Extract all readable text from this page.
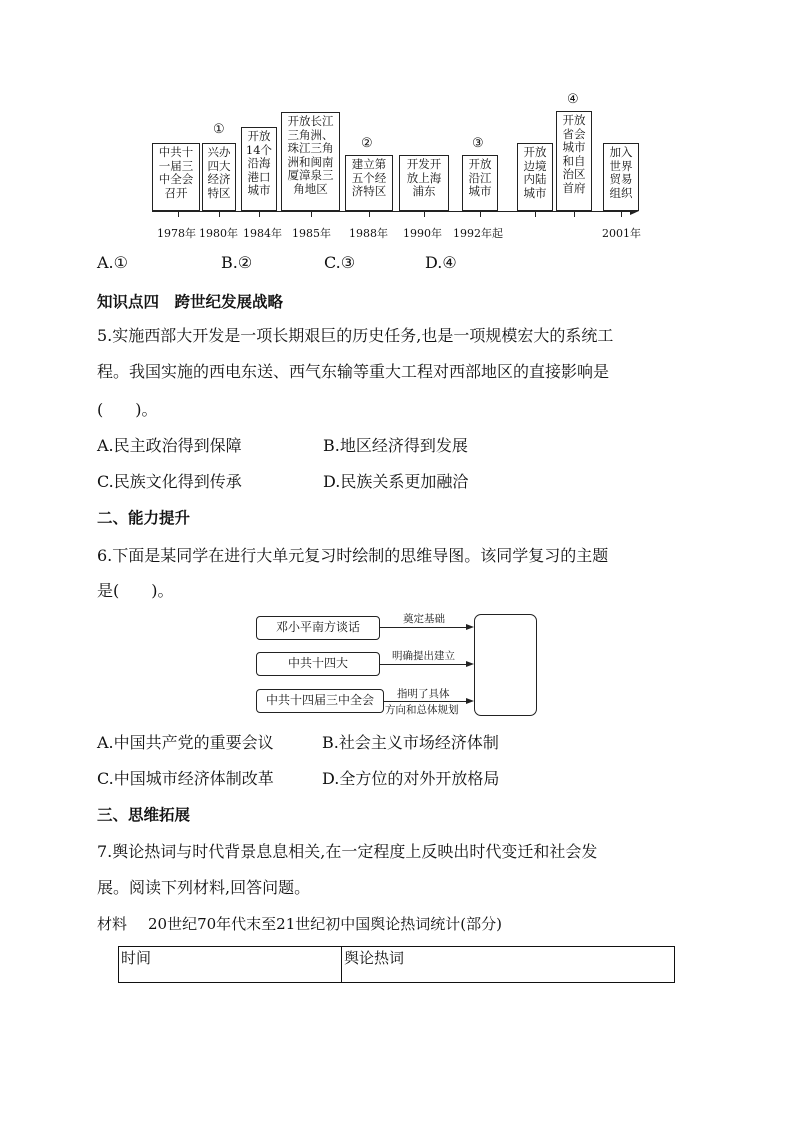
中共十
一届三
中全会
召开
兴办
四大
经济
特区
开放
14个
沿海
港口
城市
开放长江
三角洲、
珠江三角
洲和闽南
厦漳泉三
角地区
建立第
五个经
济特区
开发开
放上海
浦东
开放
沿江
城市
开放
边境
内陆
城市
开放
省会
城市
和自
治区
首府
加入
世界
贸易
组织
①
②	③
④
1978年 1980年 1984年 1985年 1988年 1990年 1992年起	2001年
A.①	B.②	C.③	D.④
知识点四　跨世纪发展战略
5.实施西部大开发是一项长期艰巨的历史任务,也是一项规模宏大的系统工
程。我国实施的西电东送、西气东输等重大工程对西部地区的直接影响是
(　　)。
A.民主政治得到保障	B.地区经济得到发展
C.民族文化得到传承	D.民族关系更加融洽
二、能力提升
6.下面是某同学在进行大单元复习时绘制的思维导图。该同学复习的主题
是(　　)。
邓小平南方谈话
中共十四大
中共十四届三中全会
奠定基础
明确提出建立
指明了具体
方向和总体规划
A.中国共产党的重要会议	B.社会主义市场经济体制
C.中国城市经济体制改革	D.全方位的对外开放格局
三、思维拓展
7.舆论热词与时代背景息息相关,在一定程度上反映出时代变迁和社会发
展。阅读下列材料,回答问题。
材料 20世纪70年代末至21世纪初中国舆论热词统计(部分)
时间	舆论热词
